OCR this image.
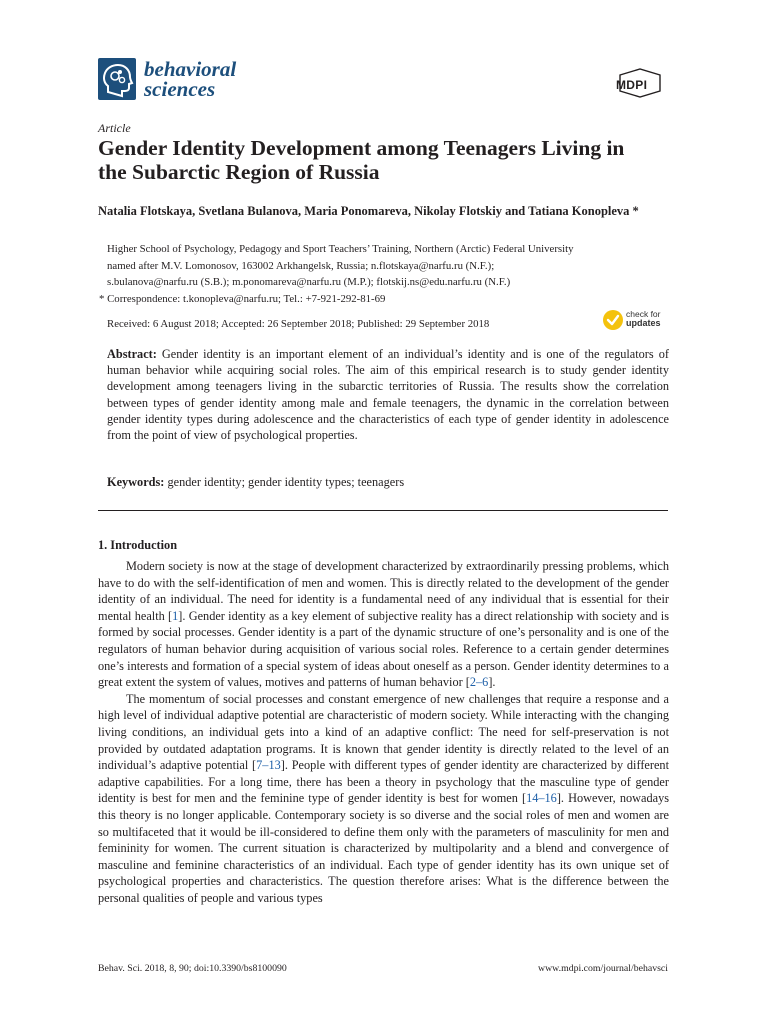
behavioral
sciences	MDPI
Article
Gender Identity Development among Teenagers Living in the Subarctic Region of Russia

Natalia Flotskaya, Svetlana Bulanova, Maria Ponomareva, Nikolay Flotskiy and Tatiana Konopleva *

Higher School of Psychology, Pedagogy and Sport Teachers’ Training, Northern (Arctic) Federal University

named after M.V. Lomonosov, 163002 Arkhangelsk, Russia; n.flotskaya@narfu.ru (N.F.);

s.bulanova@narfu.ru (S.B.); m.ponomareva@narfu.ru (M.P.); flotskij.ns@edu.narfu.ru (N.F.)

* Correspondence: t.konopleva@narfu.ru; Tel.: +7-921-292-81-69

Received: 6 August 2018; Accepted: 26 September 2018; Published: 29 September 2018
check for
updates

Abstract: Gender identity is an important element of an individual’s identity and is one of the regulators of human behavior while acquiring social roles. The aim of this empirical research is to study gender identity development among teenagers living in the subarctic territories of Russia. The results show the correlation between types of gender identity among male and female teenagers, the dynamic in the correlation between gender identity types during adolescence and the characteristics of each type of gender identity in adolescence from the point of view of psychological properties.

Keywords: gender identity; gender identity types; teenagers

1. Introduction

Modern society is now at the stage of development characterized by extraordinarily pressing problems, which have to do with the self-identification of men and women. This is directly related to the development of the gender identity of an individual. The need for identity is a fundamental need of any individual that is essential for their mental health [1]. Gender identity as a key element of subjective reality has a direct relationship with society and is formed by social processes. Gender identity is a part of the dynamic structure of one’s personality and is one of the regulators of human behavior during acquisition of various social roles. Reference to a certain gender determines one’s interests and formation of a special system of ideas about oneself as a person. Gender identity determines to a great extent the system of values, motives and patterns of human behavior [2–6].

The momentum of social processes and constant emergence of new challenges that require a response and a high level of individual adaptive potential are characteristic of modern society. While interacting with the changing living conditions, an individual gets into a kind of an adaptive conflict: The need for self-preservation is not provided by outdated adaptation programs. It is known that gender identity is directly related to the level of an individual’s adaptive potential [7–13]. People with different types of gender identity are characterized by different adaptive capabilities. For a long time, there has been a theory in psychology that the masculine type of gender identity is best for men and the feminine type of gender identity is best for women [14–16]. However, nowadays this theory is no longer applicable. Contemporary society is so diverse and the social roles of men and women are so multifaceted that it would be ill-considered to define them only with the parameters of masculinity for men and femininity for women. The current situation is characterized by multipolarity and a blend and convergence of masculine and feminine characteristics of an individual. Each type of gender identity has its own unique set of psychological properties and characteristics. The question therefore arises: What is the difference between the personal qualities of people and various types

Behav. Sci. 2018, 8, 90; doi:10.3390/bs8100090	www.mdpi.com/journal/behavsci
